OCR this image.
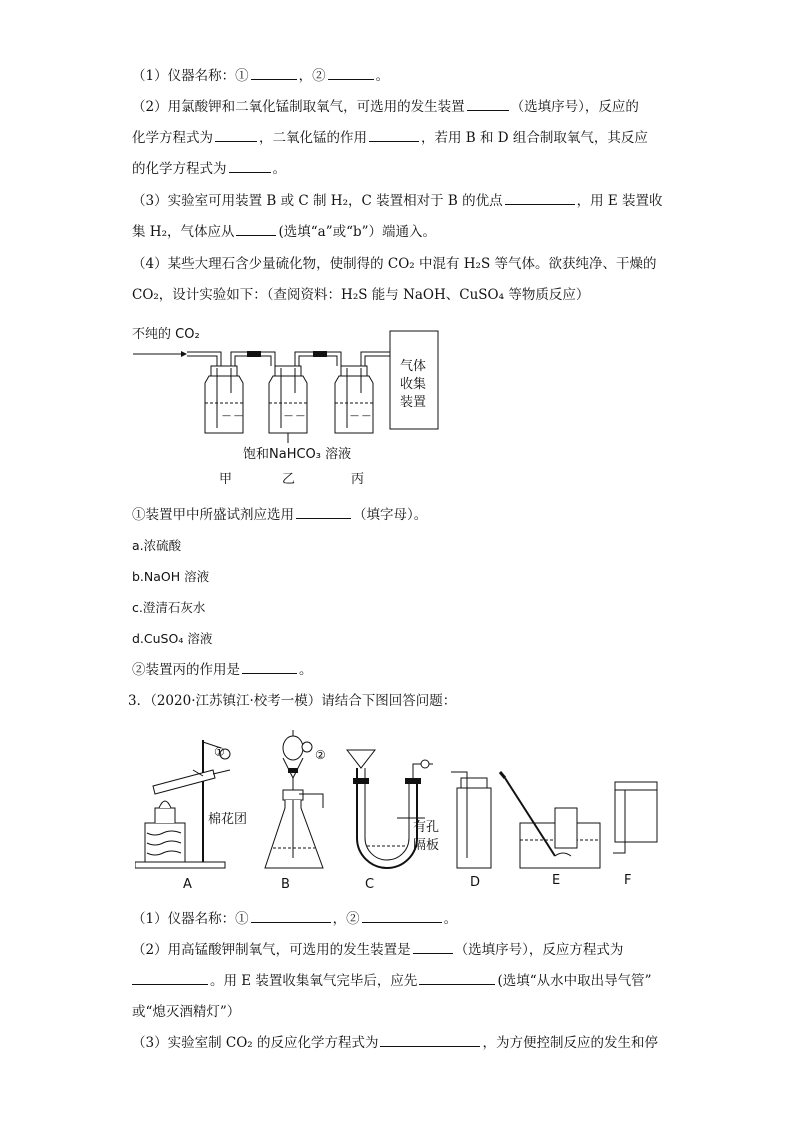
（1）仪器名称：①	，②	。
（2）用氯酸钾和二氧化锰制取氧气，可选用的发生装置	（选填序号），反应的
化学方程式为	，二氧化锰的作用	，若用 B 和 D 组合制取氧气，其反应
的化学方程式为	。
（3）实验室可用装置 B 或 C 制 H₂，C 装置相对于 B 的优点	，用 E 装置收
集 H₂，气体应从	(选填“a”或“b”）端通入。
（4）某些大理石含少量硫化物，使制得的 CO₂ 中混有 H₂S 等气体。欲获纯净、干燥的
CO₂，设计实验如下：（查阅资料：H₂S 能与 NaOH、CuSO₄ 等物质反应）
— —	— —	— —
不纯的 CO₂
气体
收集
装置
饱和NaHCO₃ 溶液
甲	乙	丙
①装置甲中所盛试剂应选用	（填字母）。
a.浓硫酸
b.NaOH 溶液
c.澄清石灰水
d.CuSO₄ 溶液
②装置丙的作用是	。
3．（2020·江苏镇江·校考一模）请结合下图回答问题：
①	②
棉花团
有孔
隔板
A	B	C	D	E	F
（1）仪器名称：①	，②	。
（2）用高锰酸钾制氧气，可选用的发生装置是	（选填序号），反应方程式为
。用 E 装置收集氧气完毕后，应先	(选填“从水中取出导气管”
或“熄灭酒精灯”）
（3）实验室制 CO₂ 的反应化学方程式为	，为方便控制反应的发生和停
